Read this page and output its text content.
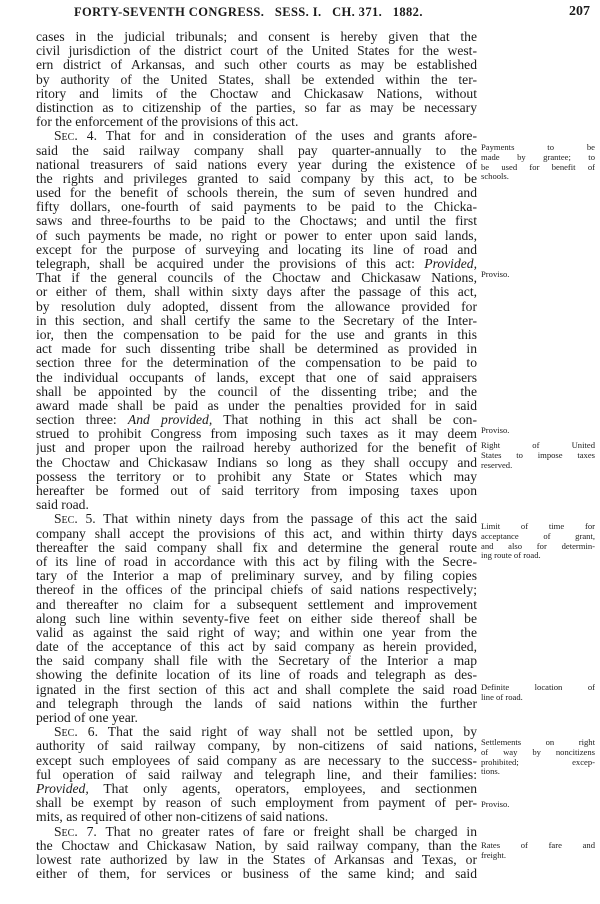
FORTY-SEVENTH CONGRESS.   SESS. I.   CH. 371.   1882.	207
cases in the judicial tribunals; and consent is hereby given that the
civil jurisdiction of the district court of the United States for the west-
ern district of Arkansas, and such other courts as may be established
by authority of the United States, shall be extended within the ter-
ritory and limits of the Choctaw and Chickasaw Nations, without
distinction as to citizenship of the parties, so far as may be necessary
for the enforcement of the provisions of this act.
Sec. 4. That for and in consideration of the uses and grants afore-
said the said railway company shall pay quarter-annually to the
national treasurers of said nations every year during the existence of
the rights and privileges granted to said company by this act, to be
used for the benefit of schools therein, the sum of seven hundred and
fifty dollars, one-fourth of said payments to be paid to the Chicka-
saws and three-fourths to be paid to the Choctaws; and until the first
of such payments be made, no right or power to enter upon said lands,
except for the purpose of surveying and locating its line of road and
telegraph, shall be acquired under the provisions of this act: Provided,
That if the general councils of the Choctaw and Chickasaw Nations,
or either of them, shall within sixty days after the passage of this act,
by resolution duly adopted, dissent from the allowance provided for
in this section, and shall certify the same to the Secretary of the Inter-
ior, then the compensation to be paid for the use and grants in this
act made for such dissenting tribe shall be determined as provided in
section three for the determination of the compensation to be paid to
the individual occupants of lands, except that one of said appraisers
shall be appointed by the council of the dissenting tribe; and the
award made shall be paid as under the penalties provided for in said
section three: And provided, That nothing in this act shall be con-
strued to prohibit Congress from imposing such taxes as it may deem
just and proper upon the railroad hereby authorized for the benefit of
the Choctaw and Chickasaw Indians so long as they shall occupy and
possess the territory or to prohibit any State or States which may
hereafter be formed out of said territory from imposing taxes upon
said road.
Sec. 5. That within ninety days from the passage of this act the said
company shall accept the provisions of this act, and within thirty days
thereafter the said company shall fix and determine the general route
of its line of road in accordance with this act by filing with the Secre-
tary of the Interior a map of preliminary survey, and by filing copies
thereof in the offices of the principal chiefs of said nations respectively;
and thereafter no claim for a subsequent settlement and improvement
along such line within seventy-five feet on either side thereof shall be
valid as against the said right of way; and within one year from the
date of the acceptance of this act by said company as herein provided,
the said company shall file with the Secretary of the Interior a map
showing the definite location of its line of roads and telegraph as des-
ignated in the first section of this act and shall complete the said road
and telegraph through the lands of said nations within the further
period of one year.
Sec. 6. That the said right of way shall not be settled upon, by
authority of said railway company, by non-citizens of said nations,
except such employees of said company as are necessary to the success-
ful operation of said railway and telegraph line, and their families:
Provided, That only agents, operators, employees, and sectionmen
shall be exempt by reason of such employment from payment of per-
mits, as required of other non-citizens of said nations.
Sec. 7. That no greater rates of fare or freight shall be charged in
the Choctaw and Chickasaw Nation, by said railway company, than the
lowest rate authorized by law in the States of Arkansas and Texas, or
either of them, for services or business of the same kind; and said
Payments to be
made by grantee; to
be used for benefit of
schools.
Proviso.
Proviso.
Right of United
States to impose taxes
reserved.
Limit of time for
acceptance of grant,
and also for determin-
ing route of road.
Definite location of
line of road.
Settlements on right
of way by noncitizens
prohibited; excep-
tions.
Proviso.
Rates of fare and
freight.
